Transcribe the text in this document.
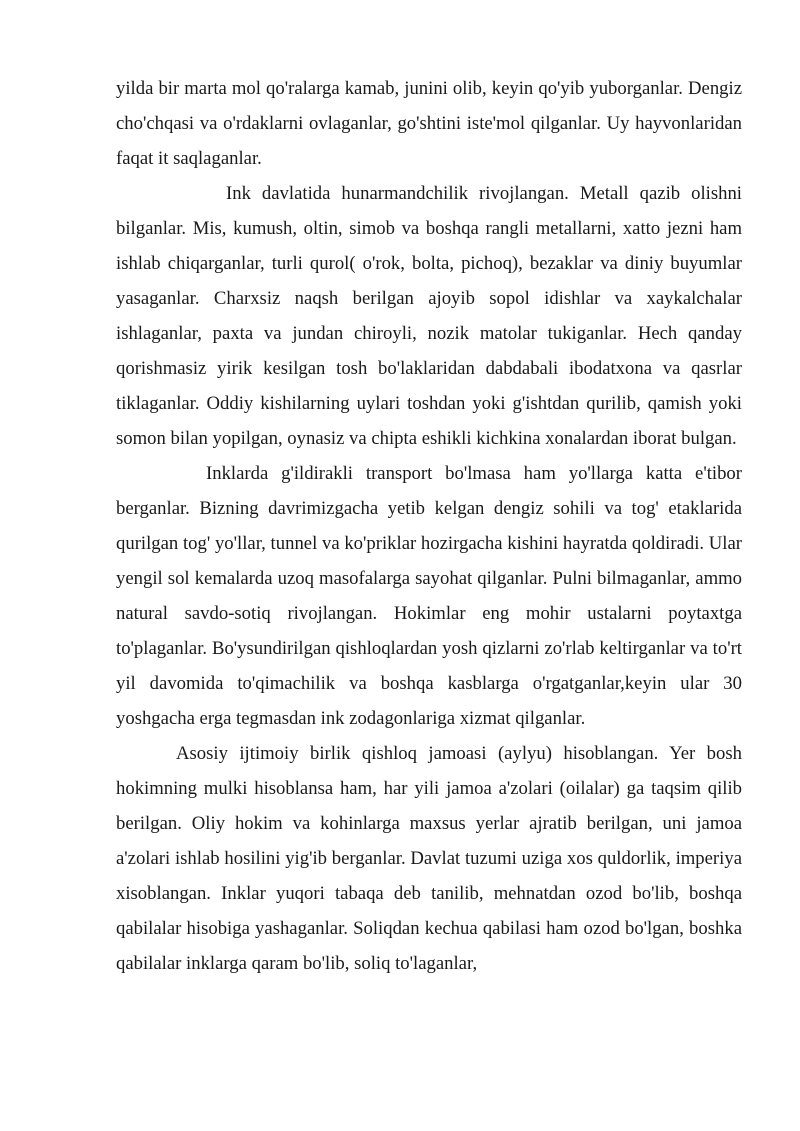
yilda bir marta mol qo'ralarga kamab, junini olib, keyin qo'yib yuborganlar. Dengiz cho'chqasi va o'rdaklarni ovlaganlar, go'shtini iste'mol qilganlar. Uy hayvonlaridan faqat it saqlaganlar.

Ink davlatida hunarmandchilik rivojlangan. Metall qazib olishni bilganlar. Mis, kumush, oltin, simob va boshqa rangli metallarni, xatto jezni ham ishlab chiqarganlar, turli qurol( o'rok, bolta, pichoq), bezaklar va diniy buyumlar yasaganlar. Charxsiz naqsh berilgan ajoyib sopol idishlar va xaykalchalar ishlaganlar, paxta va jundan chiroyli, nozik matolar tukiganlar. Hech qanday qorishmasiz yirik kesilgan tosh bo'laklaridan dabdabali ibodatxona va qasrlar tiklaganlar. Oddiy kishilarning uylari toshdan yoki g'ishtdan qurilib, qamish yoki somon bilan yopilgan, oynasiz va chipta eshikli kichkina xonalardan iborat bulgan.

Inklarda g'ildirakli transport bo'lmasa ham yo'llarga katta e'tibor berganlar. Bizning davrimizgacha yetib kelgan dengiz sohili va tog' etaklarida qurilgan tog' yo'llar, tunnel va ko'priklar hozirgacha kishini hayratda qoldiradi. Ular yengil sol kemalarda uzoq masofalarga sayohat qilganlar. Pulni bilmaganlar, ammo natural savdo-sotiq rivojlangan. Hokimlar eng mohir ustalarni poytaxtga to'plaganlar. Bo'ysundirilgan qishloqlardan yosh qizlarni zo'rlab keltirganlar va to'rt yil davomida to'qimachilik va boshqa kasblarga o'rgatganlar,keyin ular 30 yoshgacha erga tegmasdan ink zodagonlariga xizmat qilganlar.

Asosiy ijtimoiy birlik qishloq jamoasi (aylyu) hisoblangan. Yer bosh hokimning mulki hisoblansa ham, har yili jamoa a'zolari (oilalar) ga taqsim qilib berilgan. Oliy hokim va kohinlarga maxsus yerlar ajratib berilgan, uni jamoa a'zolari ishlab hosilini yig'ib berganlar. Davlat tuzumi uziga xos quldorlik, imperiya xisoblangan. Inklar yuqori tabaqa deb tanilib, mehnatdan ozod bo'lib, boshqa qabilalar hisobiga yashaganlar. Soliqdan kechua qabilasi ham ozod bo'lgan, boshka qabilalar inklarga qaram bo'lib, soliq to'laganlar,
